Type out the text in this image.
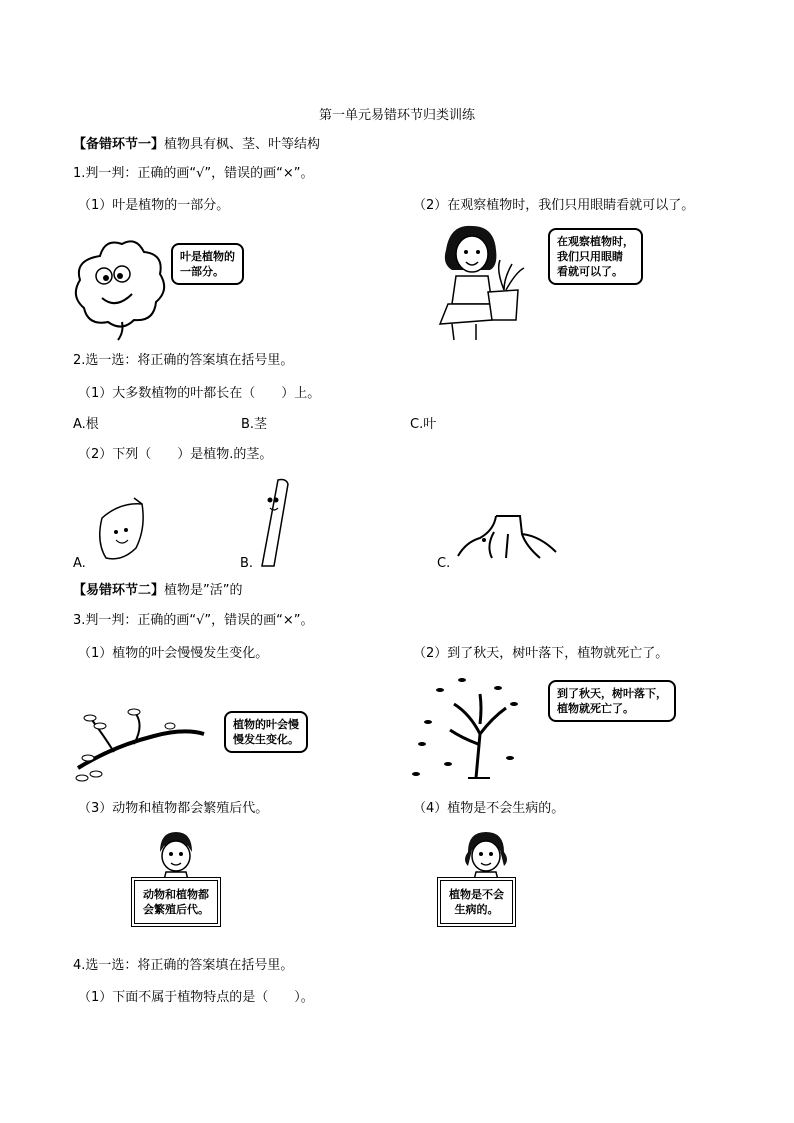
第一单元易错环节归类训练
【备错环节一】植物具有枫、茎、叶等结构
1.判一判：正确的画“√”，错误的画“×”。
（1）叶是植物的一部分。	（2）在观察植物时，我们只用眼睛看就可以了。
叶是植物的
一部分。
在观察植物时，
我们只用眼睛
看就可以了。
2.选一选：将正确的答案填在括号里。
（1）大多数植物的叶都长在（　　）上。
A.根	B.茎	C.叶
（2）下列（　　）是植物.的茎。
A.	B.	C.
【易错环节二】植物是”活”的
3.判一判：正确的画“√”，错误的画“×”。
（1）植物的叶会慢慢发生变化。	（2）到了秋天，树叶落下，植物就死亡了。
植物的叶会慢
慢发生变化。
到了秋天，树叶落下，
植物就死亡了。
（3）动物和植物都会繁殖后代。	（4）植物是不会生病的。
动物和植物都
会繁殖后代。
植物是不会
生病的。
4.选一选：将正确的答案填在括号里。
（1）下面不属于植物特点的是（　　）。
